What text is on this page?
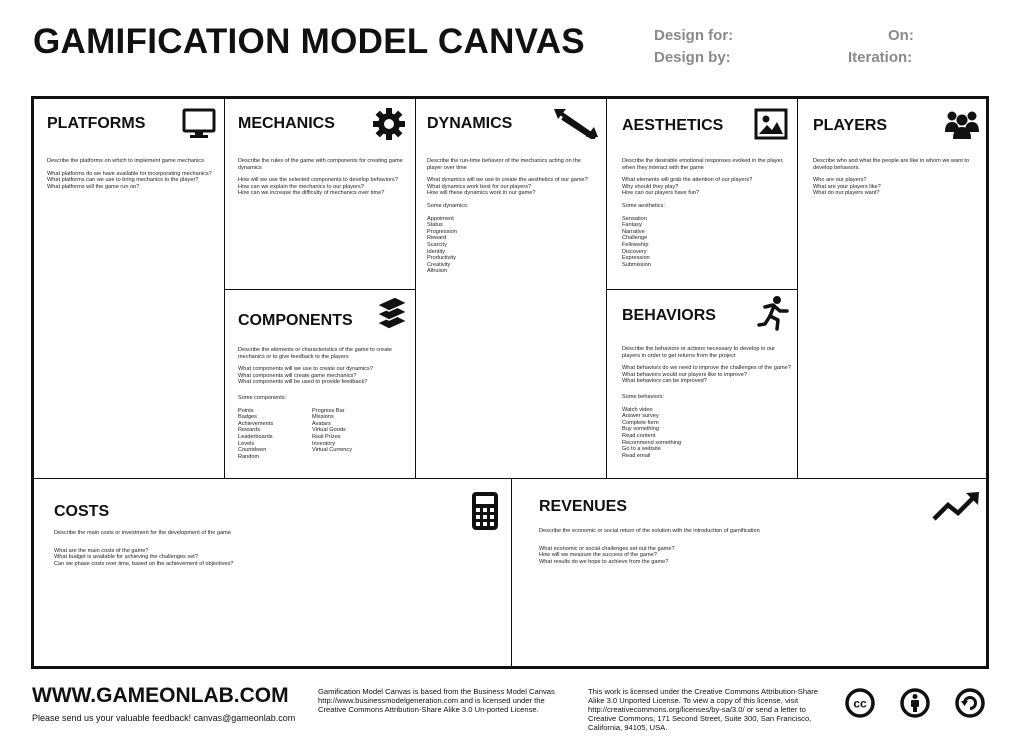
GAMIFICATION MODEL CANVAS	Design for:
Design by:
On:
Iteration:
PLATFORMS

Describe the platforms on which to implement game mechanics

What platforms do we have available for incorporating mechanics?
What platforms can we use to bring mechanics to the player?
What platforms will the game run on?
MECHANICS

Describe the rules of the game with components for creating game dynamics

How will we use the selected components to develop behaviors?
How can we explain the mechanics to our players?
How can we increase the difficulty of mechanics over time?
DYNAMICS

Describe the run-time behavior of the mechanics acting on the player over time

What dynamics will we use to create the aesthetics of our game?
What dynamics work best for our players?
How will these dynamics work in our game?

Some dynamics:

Appoiment
Status
Progression
Reward
Scarcity
Identity
Productivity
Creativity
Altruism
AESTHETICS

Describe the desirable emotional responses evoked in the player, when they interact with the game

What elements will grab the attention of our players?
Why should they play?
How can our players have fun?

Some aesthetics:

Sensation
Fantasy
Narrative
Challenge
Fellowship
Discovery
Expression
Submission
PLAYERS

Describe who and what the people are like in whom we want to develop behaviors.

Who are our players?
What are your players like?
What do our players want?
COMPONENTS

Describe the elements or characteristics of the game to create mechanics or to give feedback to the players

What components will we use to create our dynamics?
What components will create game mechanics?
What components will be used to provide feedback?

Some components:

Points
Badges
Achievements
Rewards
Leaderboards
Levels
Countdown
Random
Progress Bar
Missions
Avatars
Virtual Goods
Real Prizes
Inventory
Virtual Currency
BEHAVIORS

Describe the behaviors or actions necessary to develop in our players in order to get returns from the project

What behaviors do we need to improve the challenges of the game?
What behaviors would our players like to improve?
What behaviors can be improved?

Some behaviors:

Watch video
Answer survey
Complete form
Buy something
Read content
Recommend something
Go to a website
Read email
COSTS

Describe the main costs or investment for the development of the game

What are the main costs of the game?
What budget is available for achieving the challenges set?
Can we phase costs over time, based on the achievement of objectives?
REVENUES

Describe the economic or social return of the solution with the introduction of gamification

What economic or social challenges set out the game?
How will we measure the success of the game?
What results do we hope to achieve from the game?
WWW.GAMEONLAB.COM
Please send us your valuable feedback! canvas@gameonlab.com
Gamification Model Canvas is based from the Business Model Canvas http://www.businessmodelgeneration.com and is licensed under the Creative Commons Attribution-Share Alike 3.0 Un-ported License.
This work is licensed under the Creative Commons Attribution-Share Alike 3.0 Unported License. To view a copy of this license, visit http://creativecommons.org/licenses/by-sa/3.0/ or send a letter to Creative Commons, 171 Second Street, Suite 300, San Francisco, California, 94105, USA.
cc
